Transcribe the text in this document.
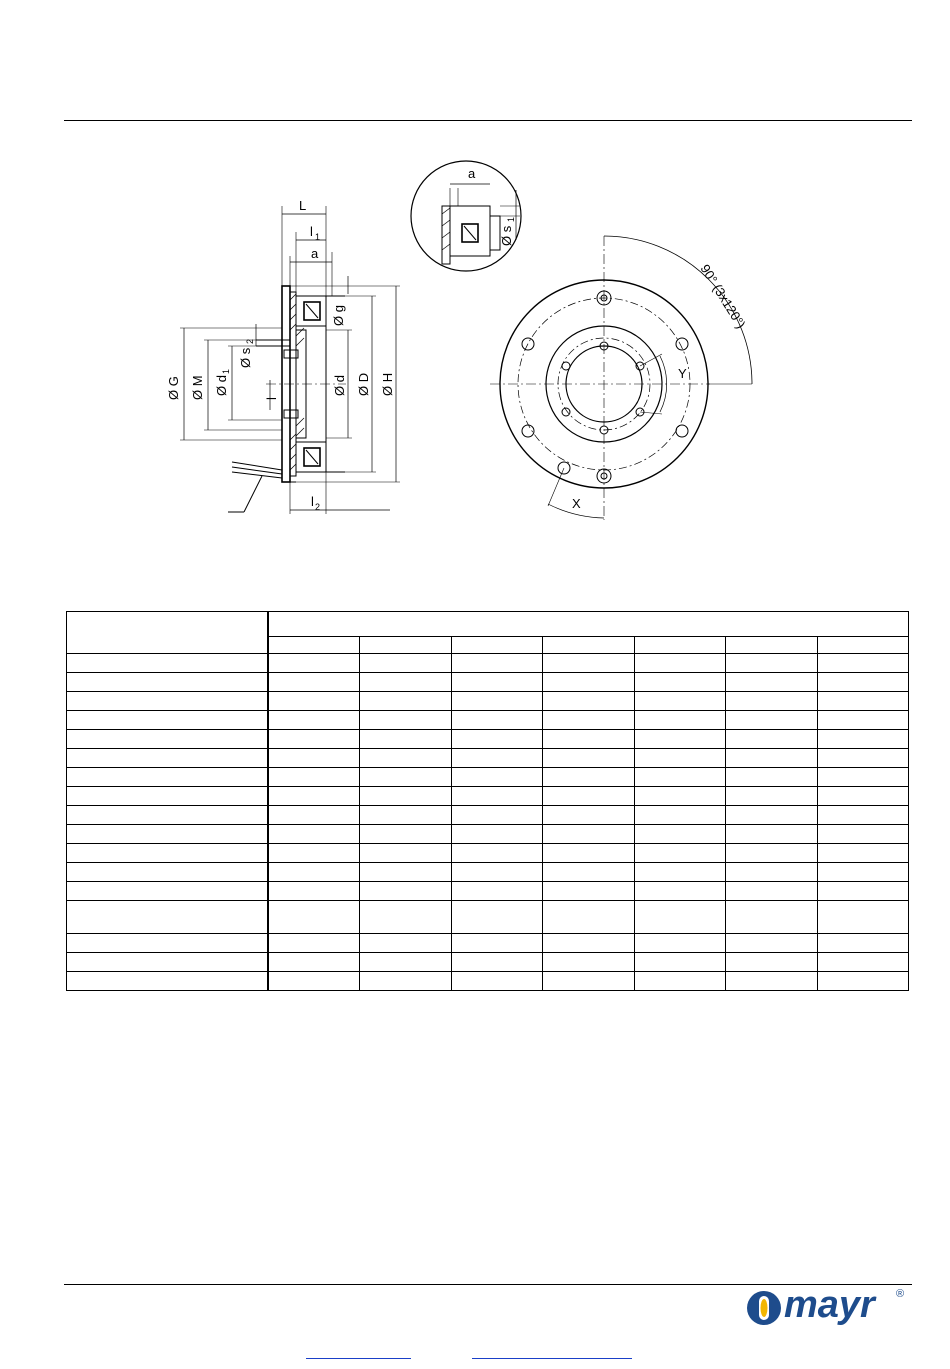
L
l 1
a
a
l 2
Ø s
1
Ø s
2
Ø g
Ø G Ø M Ø d
1
l
Ø d Ø D Ø H
90° (3x120°)
X
Y

mayr ®
